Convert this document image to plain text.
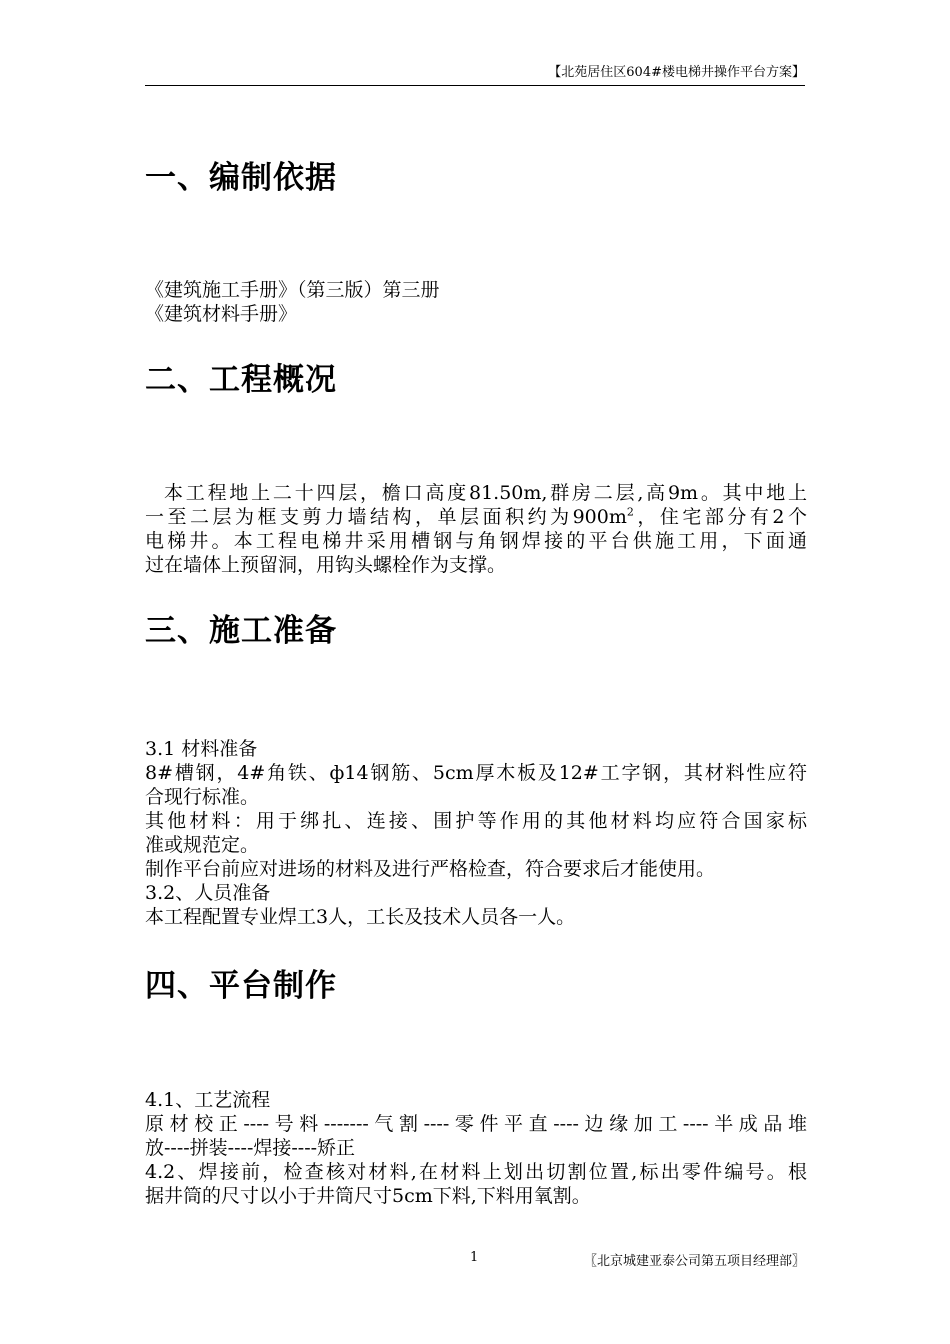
【北苑居住区604#楼电梯井操作平台方案】
一、编制依据
《建筑施工手册》（第三版）第三册
《建筑材料手册》
二、工程概况
本工程地上二十四层，檐口高度81.50m,群房二层,高9m。其中地上
一至二层为框支剪力墙结构，单层面积约为$900m^2$，住宅部分有2个
电梯井。本工程电梯井采用槽钢与角钢焊接的平台供施工用，下面通
过在墙体上预留洞，用钩头螺栓作为支撑。
三、施工准备
3.1 材料准备
8#槽钢，4#角铁、ф14钢筋、5cm厚木板及12#工字钢，其材料性应符
合现行标准。
其他材料：用于绑扎、连接、围护等作用的其他材料均应符合国家标
准或规范定。
制作平台前应对进场的材料及进行严格检查，符合要求后才能使用。
3.2、人员准备
本工程配置专业焊工3人，工长及技术人员各一人。
四、平台制作
4.1、工艺流程
原材校正----号料-------气割----零件平直----边缘加工----半成品堆
放----拼装----焊接----矫正
4.2、焊接前，检查核对材料,在材料上划出切割位置,标出零件编号。根
据井筒的尺寸以小于井筒尺寸5cm下料,下料用氧割。
1	〖北京城建亚泰公司第五项目经理部〗
